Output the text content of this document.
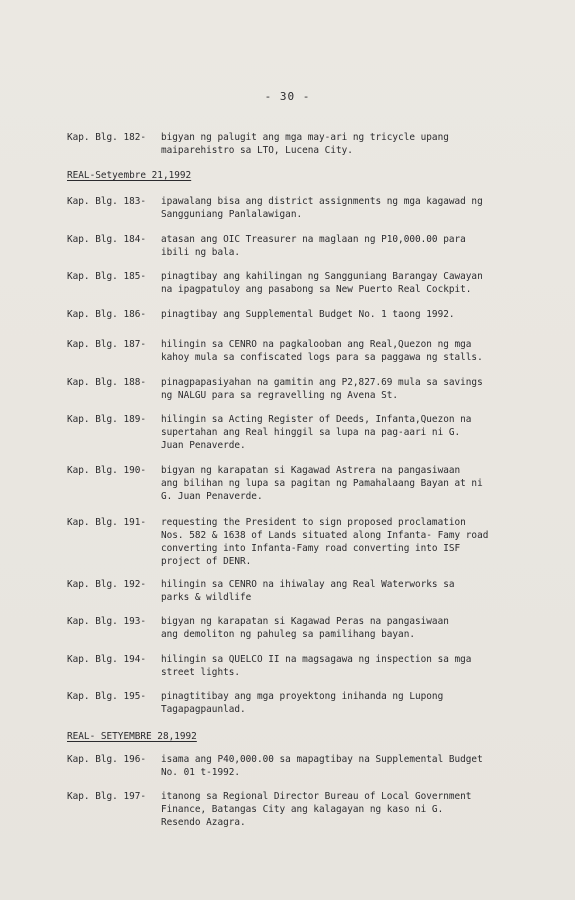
- 30 -
REAL-Setyembre 21,1992
REAL- SETYEMBRE 28,1992
Kap. Blg. 182- bigyan ng palugit ang mga may-ari ng tricycle upang
maiparehistro sa LTO, Lucena City.
Kap. Blg. 183- ipawalang bisa ang district assignments ng mga kagawad ng
Sangguniang Panlalawigan.
Kap. Blg. 184- atasan ang OIC Treasurer na maglaan ng P10,000.00 para
ibili ng bala.
Kap. Blg. 185- pinagtibay ang kahilingan ng Sangguniang Barangay Cawayan
na ipagpatuloy ang pasabong sa New Puerto Real Cockpit.
Kap. Blg. 186- pinagtibay ang Supplemental Budget No. 1 taong 1992.
Kap. Blg. 187- hilingin sa CENRO na pagkalooban ang Real,Quezon ng mga
kahoy mula sa confiscated logs para sa paggawa ng stalls.
Kap. Blg. 188- pinagpapasiyahan na gamitin ang P2,827.69 mula sa savings
ng NALGU para sa regravelling ng Avena St.
Kap. Blg. 189- hilingin sa Acting Register of Deeds, Infanta,Quezon na
supertahan ang Real hinggil sa lupa na pag-aari ni G.
Juan Penaverde.
Kap. Blg. 190- bigyan ng karapatan si Kagawad Astrera na pangasiwaan
ang bilihan ng lupa sa pagitan ng Pamahalaang Bayan at ni
G. Juan Penaverde.
Kap. Blg. 191- requesting the President to sign proposed proclamation
Nos. 582 & 1638 of Lands situated along Infanta- Famy road
converting into Infanta-Famy road converting into ISF
project of DENR.
Kap. Blg. 192- hilingin sa CENRO na ihiwalay ang Real Waterworks sa
parks & wildlife
Kap. Blg. 193- bigyan ng karapatan si Kagawad Peras na pangasiwaan
ang demoliton ng pahuleg sa pamilihang bayan.
Kap. Blg. 194- hilingin sa QUELCO II na magsagawa ng inspection sa mga
street lights.
Kap. Blg. 195- pinagtitibay ang mga proyektong inihanda ng Lupong
Tagapagpaunlad.
Kap. Blg. 196- isama ang P40,000.00 sa mapagtibay na Supplemental Budget
No. 01 t-1992.
Kap. Blg. 197- itanong sa Regional Director Bureau of Local Government
Finance, Batangas City ang kalagayan ng kaso ni G.
Resendo Azagra.
